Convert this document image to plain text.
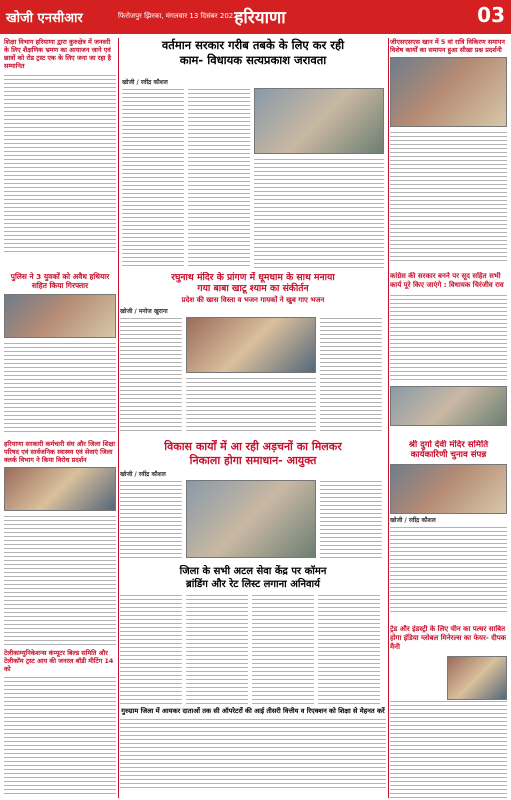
खोजी एनसीआर	फिरोजपुर झिरका, मंगलवार 13 दिसंबर 2022
हरियाणा	03
शिक्षा विभाग हरियाणा द्वारा कुरुक्षेत्र में जनवरी के लिए शैक्षणिक भ्रमण का आयाजन जाने एवं छात्रों को रोड ट्रस्ट एक के लिए जना जा रहा है सम्मानित
वर्तमान सरकार गरीब तबके के लिए कर रही
काम- विधायक सत्यप्रकाश जरावता
खोजी / रवींद्र कौशल
जीएसएसएस खान में 5 वां रात्रि विकिरण समापन विशेष कार्यों का समापन हुआ सीखा प्रश्न प्रदर्शनी
रघुनाथ मंदिर के प्रांगण में धूमधाम के साथ मनाया
गया बाबा खाटू श्याम का संकीर्तन
प्रदेश की खास विस्ता व भजन गायकों ने खुब गाए भजन
खोजी / मनोज खुराना
कांग्रेस की सरकार बनने पर सूद सहित सभी कार्य पूरे किए जाएंगे : विधायक चिरंजीव राव
पुलिस ने 3 युवकों को अवैध हथियार सहित किया गिरफ्तार
हरियाणा सरकारी कर्मचारी संघ और जिला शिक्षा परिषद एवं सार्वजनिक स्वास्थ्य एवं सेवाएं जिला क्लर्क विभाग ने किया विरोध प्रदर्शन
टेलीकाम्युनिकेशन्स कंप्यूटर बिल्ड समिति और टेलीकॉम ट्रस्ट आय की जनरल बॉडी मीटिंग 14 को
विकास कार्यों में आ रही अड़चनों का मिलकर
निकाला होगा समाधान- आयुक्त
खोजी / रवींद्र कौशल
श्री दुर्गा देवी मंदिर समिति कार्यकारिणी चुनाव संपन्न
खोजी / रवींद्र कौशल
जिला के सभी अटल सेवा केंद्र पर कॉमन
ब्रांडिंग और रेट लिस्ट लगाना अनिवार्य
गुरुग्राम जिला में आयकर दाताओं तक सी ऑपरेटरों की आई तीसरी वित्तीय व रिएक्शन को शिक्षा से मेहनत करें
ट्रेड और इंडस्ट्री के लिए चीन का पत्थर साबित होगा इंडिया ग्लोबल मिनेरल्स का फेयर- दीपक मैनी
